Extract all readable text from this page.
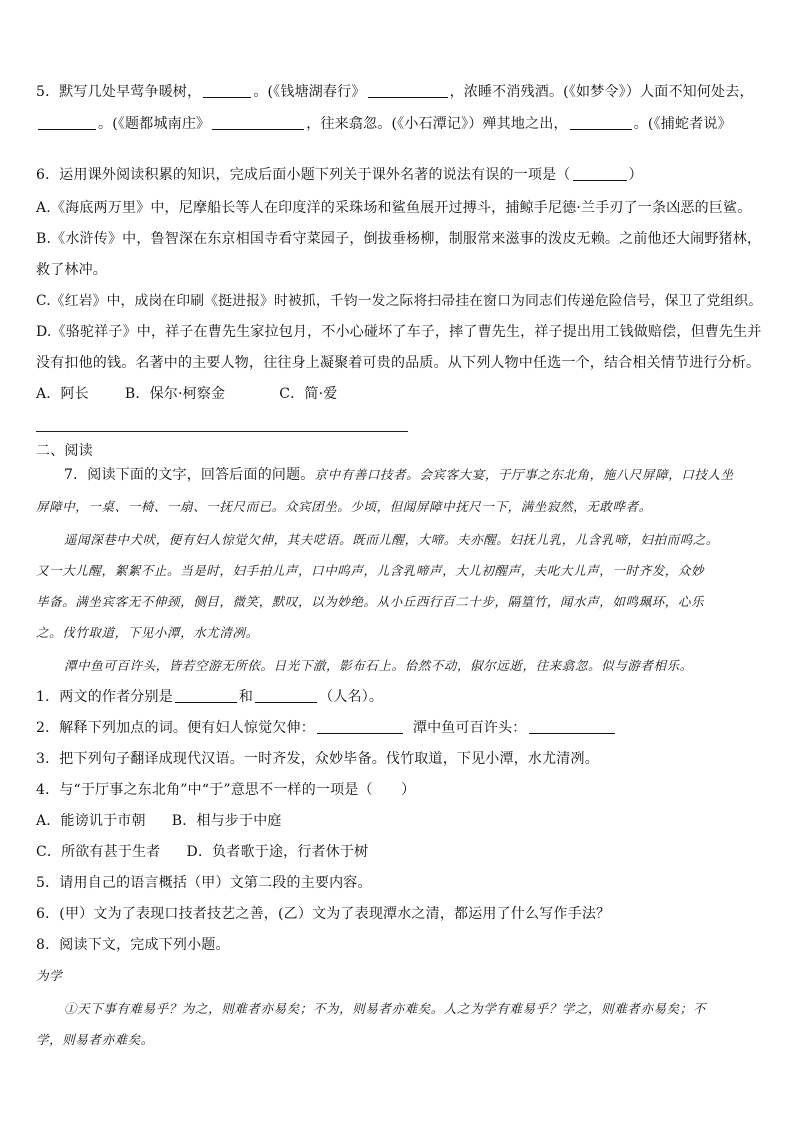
5．默写几处早莺争暖树，	。(《钱塘湖春行》	，浓睡不消残酒。(《如梦令》）人面不知何处去，
。(《题都城南庄》	，往来翕忽。(《小石潭记》）殚其地之出，	。(《捕蛇者说》
6．运用课外阅读积累的知识，完成后面小题下列关于课外名著的说法有误的一项是（	）
A.《海底两万里》中，尼摩船长等人在印度洋的采珠场和鲨鱼展开过搏斗，捕鲸手尼德·兰手刃了一条凶恶的巨鲨。
B.《水浒传》中，鲁智深在东京相国寺看守菜园子，倒拔垂杨柳，制服常来滋事的泼皮无赖。之前他还大闹野猪林，
救了林冲。
C.《红岩》中，成岗在印刷《挺进报》时被抓，千钧一发之际将扫帚挂在窗口为同志们传递危险信号，保卫了党组织。
D.《骆驼祥子》中，祥子在曹先生家拉包月，不小心碰坏了车子，摔了曹先生，祥子提出用工钱做赔偿，但曹先生并
没有扣他的钱。名著中的主要人物，往往身上凝聚着可贵的品质。从下列人物中任选一个，结合相关情节进行分析。
A．阿长	B．保尔·柯察金	C．简·爱
二、阅读
7．阅读下面的文字，回答后面的问题。京中有善口技者。会宾客大宴，于厅事之东北角，施八尺屏障，口技人坐
屏障中，一桌、一椅、一扇、一抚尺而已。众宾团坐。少顷，但闻屏障中抚尺一下，满坐寂然，无敢哗者。
遥闻深巷中犬吠，便有妇人惊觉欠伸，其夫呓语。既而儿醒，大啼。夫亦醒。妇抚儿乳，儿含乳啼，妇拍而呜之。
又一大儿醒，絮絮不止。当是时，妇手拍儿声，口中呜声，儿含乳啼声，大儿初醒声，夫叱大儿声，一时齐发，众妙
毕备。满坐宾客无不伸颈，侧目，微笑，默叹，以为妙绝。从小丘西行百二十步，隔篁竹，闻水声，如鸣珮环，心乐
之。伐竹取道，下见小潭，水尤清冽。
潭中鱼可百许头，皆若空游无所依。日光下澈，影布石上。佁然不动，俶尔远逝，往来翕忽。似与游者相乐。
1．两文的作者分别是	和	（人名）。
2．解释下列加点的词。便有妇人惊觉欠伸：	潭中鱼可百许头：
3．把下列句子翻译成现代汉语。一时齐发，众妙毕备。伐竹取道，下见小潭，水尤清冽。
4．与“于厅事之东北角”中“于”意思不一样的一项是（　　）
A．能谤讥于市朝 B．相与步于中庭
C．所欲有甚于生者 D．负者歌于途，行者休于树
5．请用自己的语言概括（甲）文第二段的主要内容。
6．(甲）文为了表现口技者技艺之善，(乙）文为了表现潭水之清，都运用了什么写作手法？
8．阅读下文，完成下列小题。
为学
①天下事有难易乎？为之，则难者亦易矣；不为，则易者亦难矣。人之为学有难易乎？学之，则难者亦易矣；不
学，则易者亦难矣。
